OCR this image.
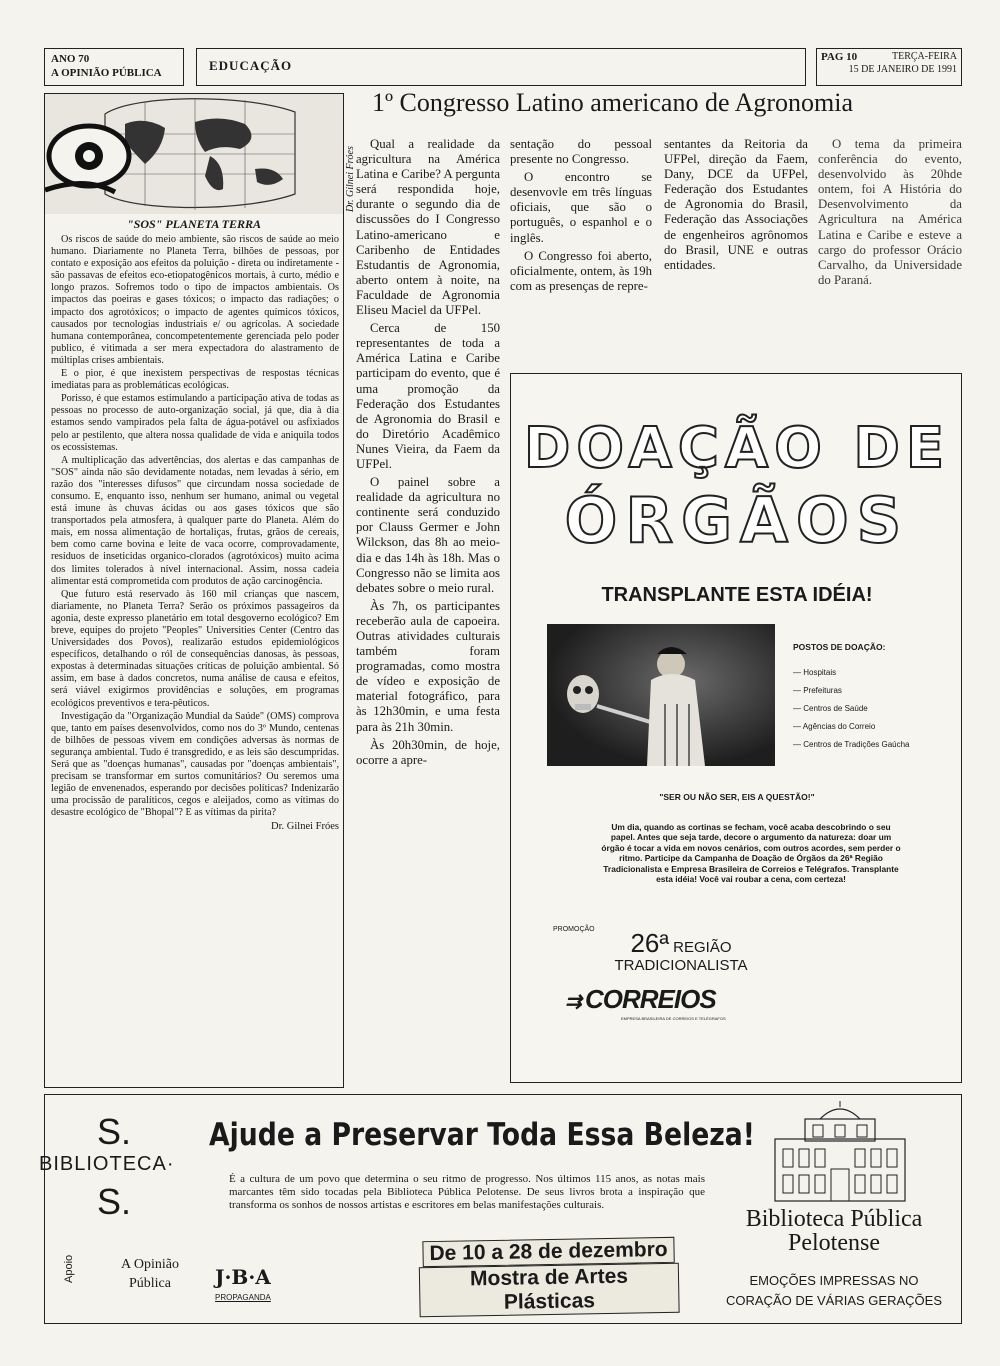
ANO 70
A OPINIÃO PÚBLICA	EDUCAÇÃO
PAG 10	TERÇA-FEIRA
15 DE JANEIRO DE 1991
Dr. Gilnei Fróes
"SOS" PLANETA TERRA

Os riscos de saúde do meio ambiente, são riscos de saúde ao meio humano. Diariamente no Planeta Terra, bilhões de pessoas, por contato e exposição aos efeitos da poluição - direta ou indiretamente - são passavas de efeitos eco-etiopatogênicos mortais, à curto, médio e longo prazos. Sofremos todo o tipo de impactos ambientais. Os impactos das poeiras e gases tóxicos; o impacto das radiações; o impacto dos agrotóxicos; o impacto de agentes químicos tóxicos, causados por tecnologias industriais e/ ou agrícolas. A sociedade humana contemporânea, concompetentemente gerenciada pelo poder publico, é vitimada a ser mera expectadora do alastramento de múltiplas crises ambientais.

E o pior, é que inexistem perspectivas de respostas técnicas imediatas para as problemáticas ecológicas.

Porisso, é que estamos estimulando a participação ativa de todas as pessoas no processo de auto-organização social, já que, dia à dia estamos sendo vampirados pela falta de água-potável ou asfixiados pelo ar pestilento, que altera nossa qualidade de vida e aniquila todos os ecossistemas.

A multiplicação das advertências, dos alertas e das campanhas de "SOS" ainda não são devidamente notadas, nem levadas à sério, em razão dos "interesses difusos" que circundam nossa sociedade de consumo. E, enquanto isso, nenhum ser humano, animal ou vegetal está imune às chuvas ácidas ou aos gases tóxicos que são transportados pela atmosfera, à qualquer parte do Planeta. Além do mais, em nossa alimentação de hortaliças, frutas, grãos de cereais, bem como carne bovina e leite de vaca ocorre, comprovadamente, resíduos de inseticidas organico-clorados (agrotóxicos) muito acima dos limites tolerados à nível internacional. Assim, nossa cadeia alimentar está comprometida com produtos de ação carcinogência.

Que futuro está reservado às 160 mil crianças que nascem, diariamente, no Planeta Terra? Serão os próximos passageiros da agonia, deste expresso planetário em total desgoverno ecológico? Em breve, equipes do projeto "Peoples" Universities Center (Centro das Universidades dos Povos), realizarão estudos epidemiológicos específicos, detalhando o ról de consequências danosas, às pessoas, expostas à determinadas situações críticas de poluição ambiental. Só assim, em base à dados concretos, numa análise de causa e efeitos, será viável exigirmos providências e soluções, em programas ecológicos preventivos e tera-pêuticos.

Investigação da "Organização Mundial da Saúde" (OMS) comprova que, tanto em países desenvolvidos, como nos do 3º Mundo, centenas de bilhões de pessoas vivem em condições adversas às normas de segurança ambiental. Tudo é transgredido, e as leis são descumpridas. Será que as "doenças humanas", causadas por "doenças ambientais", precisam se transformar em surtos comunitários? Ou seremos uma legião de envenenados, esperando por decisões políticas? Indenizarão uma procissão de paralíticos, cegos e aleijados, como as vítimas do desastre ecológico de "Bhopal"? E as vítimas da pirita?

Dr. Gilnei Fróes
1º Congresso Latino americano de Agronomia

Qual a realidade da agricultura na América Latina e Caribe? A pergunta será respondida hoje, durante o segundo dia de discussões do I Congresso Latino-americano e Caribenho de Entidades Estudantis de Agronomia, aberto ontem à noite, na Faculdade de Agronomia Eliseu Maciel da UFPel.

Cerca de 150 representantes de toda a América Latina e Caribe participam do evento, que é uma promoção da Federação dos Estudantes de Agronomia do Brasil e do Diretório Acadêmico Nunes Vieira, da Faem da UFPel.

O painel sobre a realidade da agricultura no continente será conduzido por Clauss Germer e John Wilckson, das 8h ao meio-dia e das 14h às 18h. Mas o Congresso não se limita aos debates sobre o meio rural.

Às 7h, os participantes receberão aula de capoeira. Outras atividades culturais também foram programadas, como mostra de vídeo e exposição de material fotográfico, para às 12h30min, e uma festa para às 21h 30min.

Às 20h30min, de hoje, ocorre a apre-

sentação do pessoal presente no Congresso.

O encontro se desenvovle em três línguas oficiais, que são o português, o espanhol e o inglês.

O Congresso foi aberto, oficialmente, ontem, às 19h com as presenças de repre-

sentantes da Reitoria da UFPel, direção da Faem, Dany, DCE da UFPel, Federação dos Estudantes de Agronomia do Brasil, Federação das Associações de engenheiros agrônomos do Brasil, UNE e outras entidades.

O tema da primeira conferência do evento, desenvolvido às 20hde ontem, foi A História do Desenvolvimento da Agricultura na América Latina e Caribe e esteve a cargo do professor Orácio Carvalho, da Universidade do Paraná.

DOAÇÃO DE
ÓRGÃOS
TRANSPLANTE ESTA IDÉIA!
POSTOS DE DOAÇÃO:
— Hospitais
— Prefeituras
— Centros de Saúde
— Agências do Correio
— Centros de Tradições Gaúcha
"SER OU NÃO SER, EIS A QUESTÃO!"
Um dia, quando as cortinas se fecham, você acaba descobrindo o seu papel. Antes que seja tarde, decore o argumento da natureza: doar um órgão é tocar a vida em novos cenários, com outros acordes, sem perder o ritmo. Participe da Campanha de Doação de Órgãos da 26ª Região Tradicionalista e Empresa Brasileira de Correios e Telégrafos. Transplante esta idéia! Você vai roubar a cena, com certeza!
PROMOÇÃO	26ª REGIÃO
TRADICIONALISTA
⇉ CORREIOS
EMPRESA BRASILEIRA DE CORREIOS E TELÉGRAFOS
S.
BIBLIOTECA·
S.
Ajude a Preservar Toda Essa Beleza!
É a cultura de um povo que determina o seu ritmo de progresso. Nos últimos 115 anos, as notas mais marcantes têm sido tocadas pela Biblioteca Pública Pelotense. De seus livros brota a inspiração que transforma os sonhos de nossos artistas e escritores em belas manifestações culturais.
Apoio	A Opinião
Pública	J·B·A
PROPAGANDA
De 10 a 28 de dezembro
Mostra de Artes Plásticas
Biblioteca Pública
Pelotense
EMOÇÕES IMPRESSAS NO
CORAÇÃO DE VÁRIAS GERAÇÕES
